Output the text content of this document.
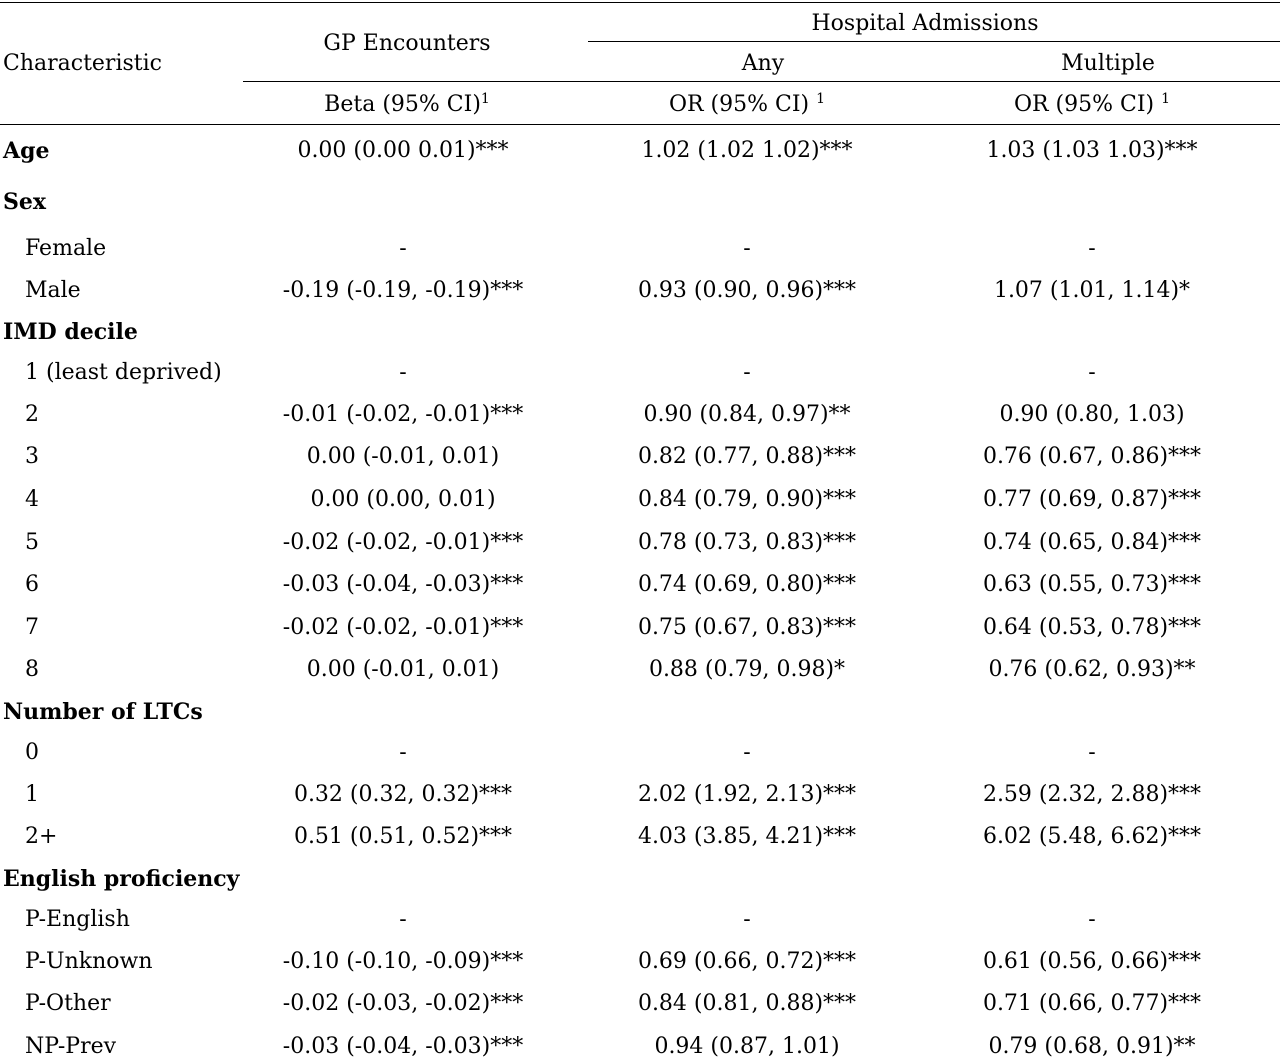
Characteristic
GP Encounters
Hospital Admissions
Any	Multiple
Beta (95% CI)$^1$	OR (95% CI) $^1$	OR (95% CI) $^1$
Age	0.00 (0.00 0.01)***	1.02 (1.02 1.02)***	1.03 (1.03 1.03)***
Sex
Female	-	-	-
Male	-0.19 (-0.19, -0.19)***	0.93 (0.90, 0.96)***	1.07 (1.01, 1.14)*
IMD decile
1 (least deprived)	-	-	-
2	-0.01 (-0.02, -0.01)***	0.90 (0.84, 0.97)**	0.90 (0.80, 1.03)
3	0.00 (-0.01, 0.01)	0.82 (0.77, 0.88)***	0.76 (0.67, 0.86)***
4	0.00 (0.00, 0.01)	0.84 (0.79, 0.90)***	0.77 (0.69, 0.87)***
5	-0.02 (-0.02, -0.01)***	0.78 (0.73, 0.83)***	0.74 (0.65, 0.84)***
6	-0.03 (-0.04, -0.03)***	0.74 (0.69, 0.80)***	0.63 (0.55, 0.73)***
7	-0.02 (-0.02, -0.01)***	0.75 (0.67, 0.83)***	0.64 (0.53, 0.78)***
8	0.00 (-0.01, 0.01)	0.88 (0.79, 0.98)*	0.76 (0.62, 0.93)**
Number of LTCs
0	-	-	-
1	0.32 (0.32, 0.32)***	2.02 (1.92, 2.13)***	2.59 (2.32, 2.88)***
2+	0.51 (0.51, 0.52)***	4.03 (3.85, 4.21)***	6.02 (5.48, 6.62)***
English proficiency
P-English	-	-	-
P-Unknown	-0.10 (-0.10, -0.09)***	0.69 (0.66, 0.72)***	0.61 (0.56, 0.66)***
P-Other	-0.02 (-0.03, -0.02)***	0.84 (0.81, 0.88)***	0.71 (0.66, 0.77)***
NP-Prev	-0.03 (-0.04, -0.03)***	0.94 (0.87, 1.01)	0.79 (0.68, 0.91)**
